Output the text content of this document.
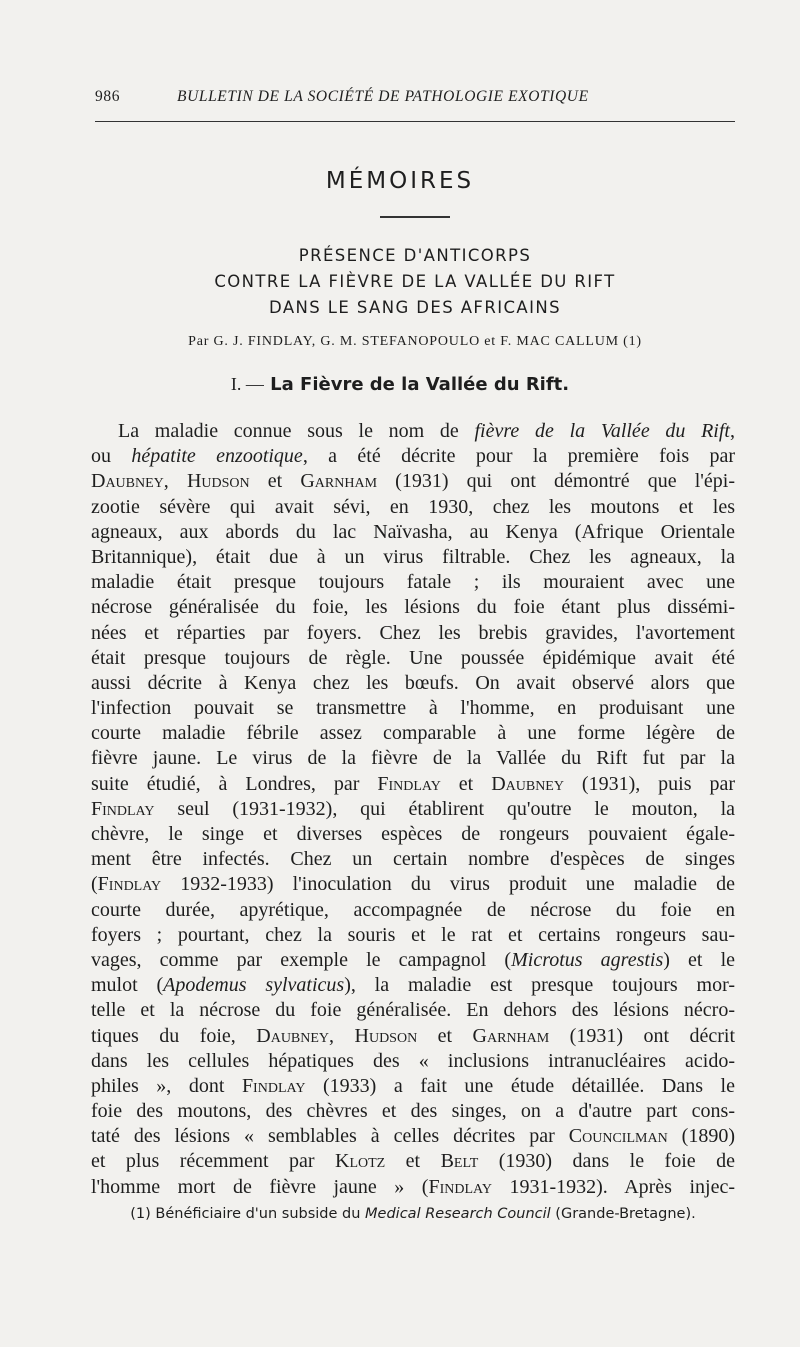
986	BULLETIN DE LA SOCIÉTÉ DE PATHOLOGIE EXOTIQUE
MÉMOIRES
PRÉSENCE D'ANTICORPS
CONTRE LA FIÈVRE DE LA VALLÉE DU RIFT
DANS LE SANG DES AFRICAINS
Par G. J. FINDLAY, G. M. STEFANOPOULO et F. MAC CALLUM (1)
I. — La Fièvre de la Vallée du Rift.
La maladie connue sous le nom de fièvre de la Vallée du Rift,
ou hépatite enzootique, a été décrite pour la première fois par
Daubney, Hudson et Garnham (1931) qui ont démontré que l'épi-
zootie sévère qui avait sévi, en 1930, chez les moutons et les
agneaux, aux abords du lac Naïvasha, au Kenya (Afrique Orientale
Britannique), était due à un virus filtrable. Chez les agneaux, la
maladie était presque toujours fatale ; ils mouraient avec une
nécrose généralisée du foie, les lésions du foie étant plus dissémi-
nées et réparties par foyers. Chez les brebis gravides, l'avortement
était presque toujours de règle. Une poussée épidémique avait été
aussi décrite à Kenya chez les bœufs. On avait observé alors que
l'infection pouvait se transmettre à l'homme, en produisant une
courte maladie fébrile assez comparable à une forme légère de
fièvre jaune. Le virus de la fièvre de la Vallée du Rift fut par la
suite étudié, à Londres, par Findlay et Daubney (1931), puis par
Findlay seul (1931-1932), qui établirent qu'outre le mouton, la
chèvre, le singe et diverses espèces de rongeurs pouvaient égale-
ment être infectés. Chez un certain nombre d'espèces de singes
(Findlay 1932-1933) l'inoculation du virus produit une maladie de
courte durée, apyrétique, accompagnée de nécrose du foie en
foyers ; pourtant, chez la souris et le rat et certains rongeurs sau-
vages, comme par exemple le campagnol (Microtus agrestis) et le
mulot (Apodemus sylvaticus), la maladie est presque toujours mor-
telle et la nécrose du foie généralisée. En dehors des lésions nécro-
tiques du foie, Daubney, Hudson et Garnham (1931) ont décrit
dans les cellules hépatiques des « inclusions intranucléaires acido-
philes », dont Findlay (1933) a fait une étude détaillée. Dans le
foie des moutons, des chèvres et des singes, on a d'autre part cons-
taté des lésions « semblables à celles décrites par Councilman (1890)
et plus récemment par Klotz et Belt (1930) dans le foie de
l'homme mort de fièvre jaune » (Findlay 1931-1932). Après injec-
(1) Bénéficiaire d'un subside du Medical Research Council (Grande-Bretagne).
